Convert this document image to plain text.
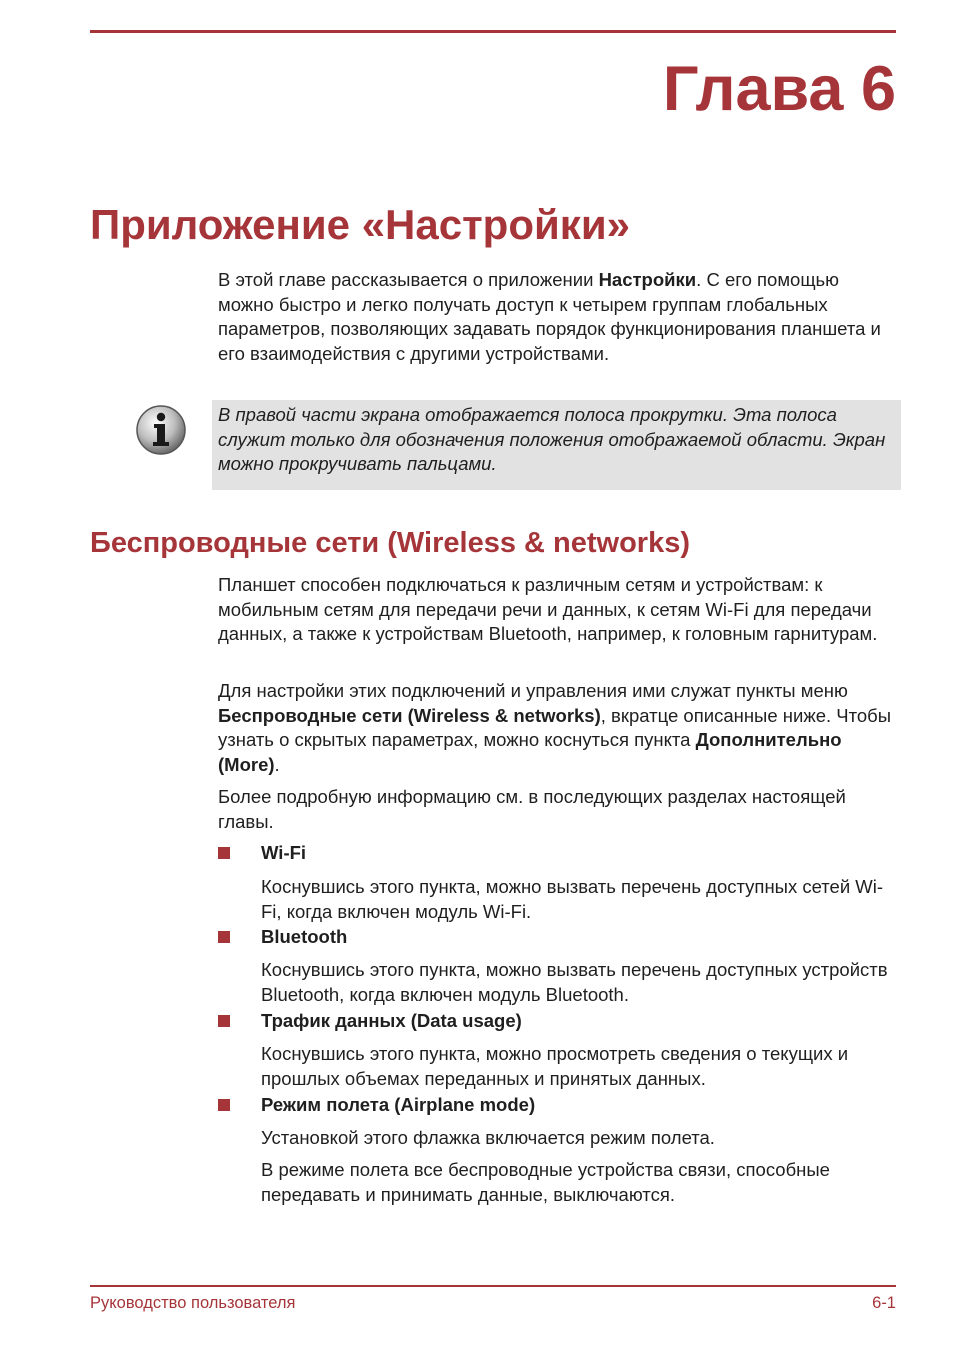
Глава 6
Приложение «Настройки»

В этой главе рассказывается о приложении Настройки. С его помощью можно быстро и легко получать доступ к четырем группам глобальных параметров, позволяющих задавать порядок функционирования планшета и его взаимодействия с другими устройствами.

В правой части экрана отображается полоса прокрутки. Эта полоса служит только для обозначения положения отображаемой области. Экран можно прокручивать пальцами.

Беспроводные сети (Wireless & networks)

Планшет способен подключаться к различным сетям и устройствам: к мобильным сетям для передачи речи и данных, к сетям Wi-Fi для передачи данных, а также к устройствам Bluetooth, например, к головным гарнитурам.

Для настройки этих подключений и управления ими служат пункты меню Беспроводные сети (Wireless & networks), вкратце описанные ниже. Чтобы узнать о скрытых параметрах, можно коснуться пункта Дополнительно (More).

Более подробную информацию см. в последующих разделах настоящей главы.

Wi-Fi

Коснувшись этого пункта, можно вызвать перечень доступных сетей Wi-Fi, когда включен модуль Wi-Fi.

Bluetooth

Коснувшись этого пункта, можно вызвать перечень доступных устройств Bluetooth, когда включен модуль Bluetooth.

Трафик данных (Data usage)

Коснувшись этого пункта, можно просмотреть сведения о текущих и прошлых объемах переданных и принятых данных.

Режим полета (Airplane mode)

Установкой этого флажка включается режим полета.

В режиме полета все беспроводные устройства связи, способные передавать и принимать данные, выключаются.

Руководство пользователя	6-1
